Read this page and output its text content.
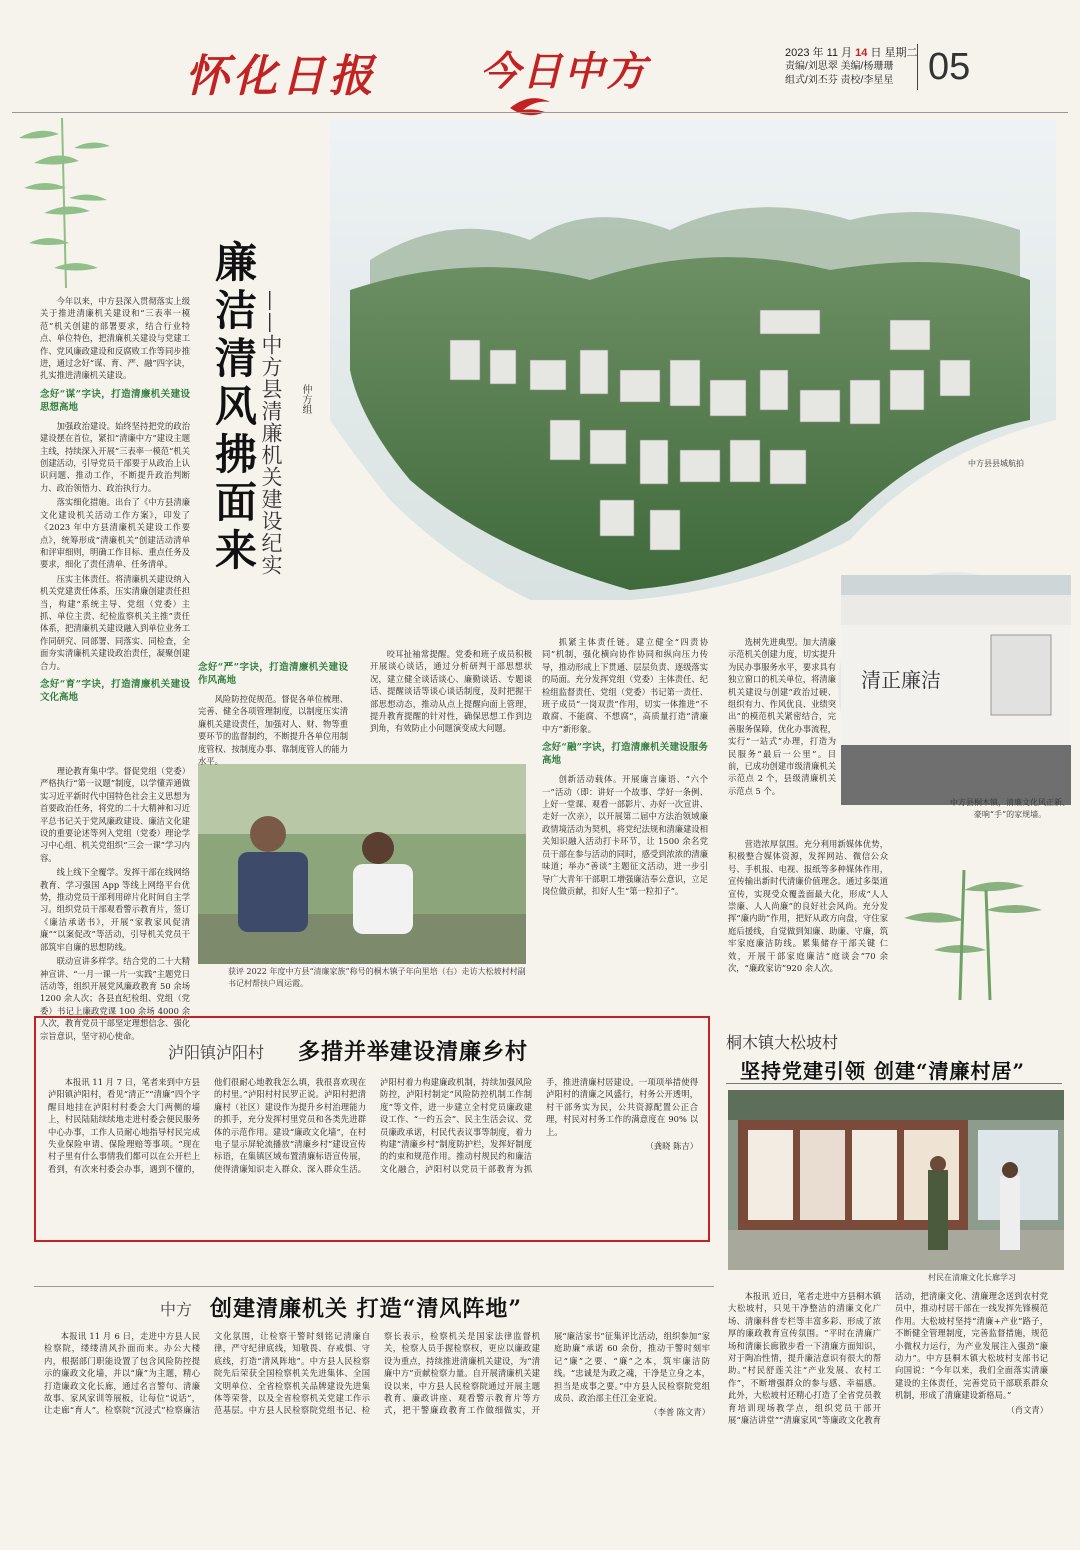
怀化日报	今日中方	2023 年 11 月 14 日 星期二
责编/刘思翠 美编/杨珊珊
组式/刘丕芬 责校/李星星 05
廉洁清风拂面来 ——中方县清廉机关建设纪实 仲方组
中方县县城航拍
清正廉洁
中方县桐木镇，清廉文化风正新、豪响“手”的家规墙。
获评 2022 年度中方县“清廉家族”称号的桐木镇子年向里培（右）走访大松坡村村副书记村帮扶户周运霞。

今年以来，中方县深入贯彻落实上级关于推进清廉机关建设和“三表率一模范”机关创建的部署要求，结合行业特点、单位特色，把清廉机关建设与党建工作、党风廉政建设和反腐败工作等同步推进，通过念好“谋、育、严、融”四字诀，扎实推进清廉机关建设。

念好“谋”字诀，打造清廉机关建设思想高地

加强政治建设。始终坚持把党的政治建设摆在首位，紧扣“清廉中方”建设主题主线，持续深入开展“三表率一模范”机关创建活动，引导党员干部要于从政治上认识问题、推动工作，不断提升政治判断力、政治领悟力、政治执行力。

落实细化措施。出台了《中方县清廉文化建设机关活动工作方案》，印发了《2023 年中方县清廉机关建设工作要点》，统筹形成“清廉机关”创建活动清单和评审细则，明确工作目标、重点任务及要求，细化了责任清单、任务清单。

压实主体责任。将清廉机关建设纳入机关党建责任体系，压实清廉创建责任担当，构建“系统主导、党组（党委）主抓、单位主责、纪检监察机关主推”责任体系，把清廉机关建设融入到单位业务工作同研究、同部署、同落实、同检查，全面夯实清廉机关建设政治责任，凝聚创建合力。

念好“育”字诀，打造清廉机关建设文化高地

理论教育集中学。督促党组（党委）严格执行“第一议题”制度，以学懂弄通做实习近平新时代中国特色社会主义思想为首要政治任务，将党的二十大精神和习近平总书记关于党风廉政建设、廉洁文化建设的重要论述等列入党组（党委）理论学习中心组、机关党组织“三会一课”学习内容。

线上线下全覆学。发挥干部在线网络教育、学习强国 App 等线上网络平台优势，推动党员干部利用碎片化时间自主学习。组织党员干部观看警示教育片，签订《廉洁承诺书》，开展“家教家风促清廉”“以案促改”等活动，引导机关党员干部筑牢自廉的思想防线。

联动宣讲多样学。结合党的二十大精神宣讲、“一月一课一片一实践”主题党日活动等，组织开展党风廉政教育 50 余场 1200 余人次；各县直纪检组、党组（党委）书记上廉政党课 100 余场 4000 余人次，教育党员干部坚定理想信念、强化宗旨意识，坚守初心使命。

念好“严”字诀，打造清廉机关建设作风高地

风险防控促规范。督促各单位梳理、完善、健全各项管理制度，以制度压实清廉机关建设责任，加强对人、财、物等重要环节的监督制约，不断提升各单位用制度管权、按制度办事、靠制度管人的能力水平。

咬耳扯袖常提醒。党委和班子成员积极开展谈心谈话，通过分析研判干部思想状况，建立健全谈话谈心、廉勤谈话、专题谈话、提醒谈话等谈心谈话制度，及时把握干部思想动态，推动从点上提醒向面上管理，提升教育提醒的针对性，确保思想工作到边到角，有效防止小问题演变成大问题。

抓紧主体责任链。建立健全“四责协同”机制，强化横向协作协同和纵向压力传导，推动形成上下贯通、层层负责、逐级落实的局面。充分发挥党组（党委）主体责任、纪检组监督责任、党组（党委）书记第一责任、班子成员“一岗双责”作用，切实一体推进“不敢腐、不能腐、不想腐”，高质量打造“清廉中方”新形象。

念好“融”字诀，打造清廉机关建设服务高地

创新活动载体。开展廉言廉语、“六个一”活动（即：讲好一个故事、学好一条例、上好一堂课、观看一部影片、办好一次宣讲、走好一次亲），以开展第二届中方法治领域廉政情境活动为契机，将党纪法规和清廉建设相关知识融入活动打卡环节，让 1500 余名党员干部在参与活动的同时，感受到浓浓的清廉味道；举办“善谈”主题征文活动，进一步引导广大青年干部职工增强廉洁奉公意识，立足岗位做贡献，扣好人生“第一粒扣子”。

选树先进典型。加大清廉示范机关创建力度，切实提升为民办事服务水平，要求具有独立窗口的机关单位，将清廉机关建设与创建“政治过硬、组织有力、作风优良、业绩突出”的模范机关紧密结合，完善服务保障，优化办事流程，实行“一站式”办理，打造为民服务“最后一公里”。目前，已成功创建市级清廉机关示范点 2 个，县级清廉机关示范点 5 个。

营造浓厚氛围。充分利用新媒体优势，积极整合媒体资源，发挥网站、微信公众号、手机报、电视、报纸等多种媒体作用，宣传输出新时代清廉价值理念。通过多渠道宣传，实现受众覆盖面最大化，形成“人人崇廉、人人尚廉”的良好社会风尚。充分发挥“廉内助”作用，把好从政方向盘，守住家庭后援线，自觉做到知廉、助廉、守廉，筑牢家庭廉洁防线。累集储存干部关键 仁效，开展干部家庭廉洁“庭谈会”70 余次，“廉政家访”920 余人次。

泸阳镇泸阳村 多措并举建设清廉乡村

本报讯 11 月 7 日，笔者来到中方县泸阳镇泸阳村，看见“清正”“清廉”四个字醒目地挂在泸阳村村委会大门两侧的墙上，村民陆陆续续地走进村委会便民服务中心办事，工作人员耐心地指导村民完成失业保险申请、保险理赔等事项。“现在村子里有什么事情我们都可以在公开栏上看到，有次来村委会办事，遇到不懂的，他们很耐心地教我怎么填，我很喜欢现在的村里。”泸阳村村民罗正说。泸阳村把清廉村（社区）建设作为提升乡村治理能力的抓手，充分发挥村里党员和各类先进群体的示范作用。建设“廉政文化墙”，在村电子显示屏轮流播放“清廉乡村”建设宣传标语，在集镇区域布置清廉标语宣传展，使得清廉知识走入群众、深入群众生活。泸阳村着力构建廉政机制，持续加强风险防控，泸阳村制定“风险防控机制工作制度”等文件，进一步建立全村党员廉政建设工作、“一约五会”、民主生活会议、党员廉政承诺，村民代表议事等制度，着力构建“清廉乡村”制度防护栏，发挥好制度的约束和规范作用。推动村规民约和廉洁文化融合，泸阳村以党员干部教育为抓手，推进清廉村居建设。一项项举措使得泸阳村的清廉之风盛行，村务公开透明，村干部务实为民，公共资源配置公正合理，村民对村务工作的满意度在 90% 以上。

（龚晓 陈吉）

桐木镇大松坡村
坚持党建引领 创建“清廉村居”
村民在清廉文化长廊学习

本报讯 近日，笔者走进中方县桐木镇大松坡村，只见干净整洁的清廉文化广场、清廉科普专栏等丰富多彩、形成了浓厚的廉政教育宣传氛围。“平时在清廉广场和清廉长廊散步看一下清廉方面知识，对于陶冶性情，提升廉洁意识有很大的帮助。”村民舒莲关注“产业发展、农村工作”，不断增强群众的参与感、幸福感。此外，大松坡村还精心打造了全省党员教育培训现场教学点，组织党员干部开展“廉洁讲堂”“清廉家风”等廉政文化教育活动，把清廉文化、清廉理念送到农村党员中，推动村居干部在一线发挥先锋模范作用。大松坡村坚持“清廉+产业”路子，不断健全管理制度，完善监督措施，规范小微权力运行，为产业发展注入强劲“廉动力”。中方县桐木镇大松坡村支部书记向国说：“今年以来，我们全面落实清廉建设的主体责任，完善党员干部联系群众机制，形成了清廉建设新格局。”

（肖文青）

中方 创建清廉机关 打造“清风阵地”

本报讯 11 月 6 日，走进中方县人民检察院，缕缕清风扑面而来。办公大楼内，根据部门职能设置了包含风险防控提示的廉政文化墙，并以“廉”为主题，精心打造廉政文化长廊，通过名言警句、清廉故事、家风家训等展板，让每位“说话”，让走廊“育人”。检察院“沉浸式”检察廉洁文化氛围，让检察干警时刻铭记清廉自律，严守纪律底线，知敬畏、存戒惧、守底线，打造“清风阵地”。中方县人民检察院先后荣获全国检察机关先进集体、全国文明单位、全省检察机关品牌建设先进集体等荣誉，以及全省检察机关党建工作示范基层。中方县人民检察院党组书记、检察长表示，检察机关是国家法律监督机关，检察人员手握检察权，更应以廉政建设为重点，持续推进清廉机关建设，为“清廉中方”贡献检察力量。自开展清廉机关建设以来，中方县人民检察院通过开展主题教育、廉政讲座、观看警示教育片等方式，把干警廉政教育工作做细做实，开展“廉洁家书”征集评比活动，组织参加“家庭助廉”承诺 60 余份，推动干警时刻牢记“廉”之要、“廉”之本，筑牢廉洁防线。“忠诚是为政之魂，干净是立身之本，担当是成事之要。”中方县人民检察院党组成员、政治部主任江金亚说。

（李普 陈文青）
